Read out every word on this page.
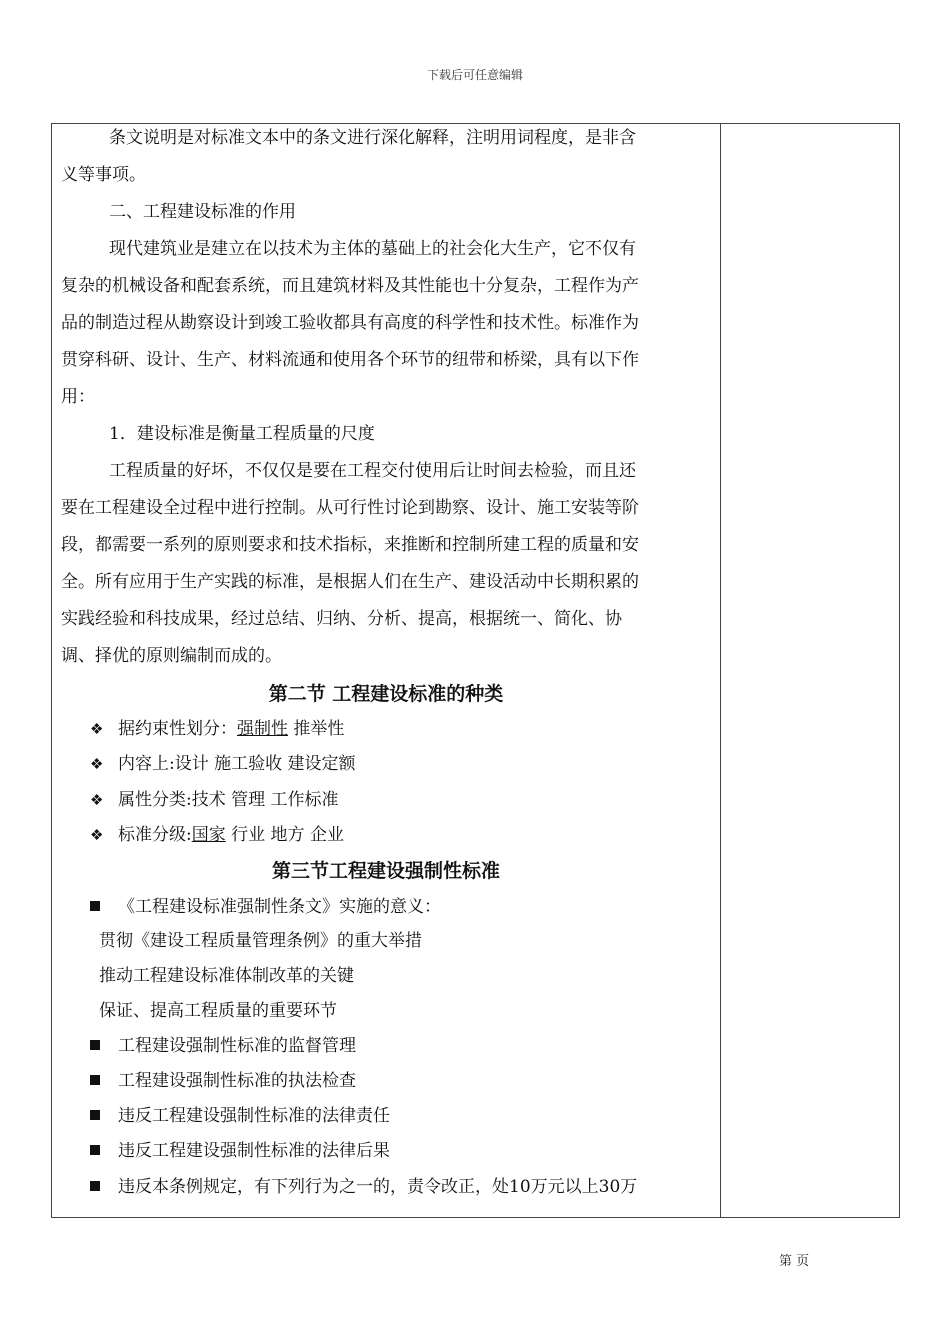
下载后可任意编辑
条文说明是对标准文本中的条文进行深化解释，注明用词程度，是非含
义等事项。
二、工程建设标准的作用
现代建筑业是建立在以技术为主体的墓础上的社会化大生产，它不仅有
复杂的机械设备和配套系统，而且建筑材料及其性能也十分复杂，工程作为产
品的制造过程从勘察设计到竣工验收都具有高度的科学性和技术性。标准作为
贯穿科研、设计、生产、材料流通和使用各个环节的纽带和桥梁，具有以下作
用：
1．建设标准是衡量工程质量的尺度
工程质量的好坏，不仅仅是要在工程交付使用后让时间去检验，而且还
要在工程建设全过程中进行控制。从可行性讨论到勘察、设计、施工安装等阶
段，都需要一系列的原则要求和技术指标，来推断和控制所建工程的质量和安
全。所有应用于生产实践的标准，是根据人们在生产、建设活动中长期积累的
实践经验和科技成果，经过总结、归纳、分析、提高，根据统一、简化、协
调、择优的原则编制而成的。
第二节 工程建设标准的种类
❖ 据约束性划分：强制性 推举性
❖ 内容上:设计 施工验收 建设定额
❖ 属性分类:技术 管理 工作标准
❖ 标准分级:国家 行业 地方 企业
第三节工程建设强制性标准
《工程建设标准强制性条文》实施的意义：
贯彻《建设工程质量管理条例》的重大举措
推动工程建设标准体制改革的关键
保证、提高工程质量的重要环节
工程建设强制性标准的监督管理
工程建设强制性标准的执法检查
违反工程建设强制性标准的法律责任
违反工程建设强制性标准的法律后果
违反本条例规定，有下列行为之一的，责令改正，处10万元以上30万
第 页
